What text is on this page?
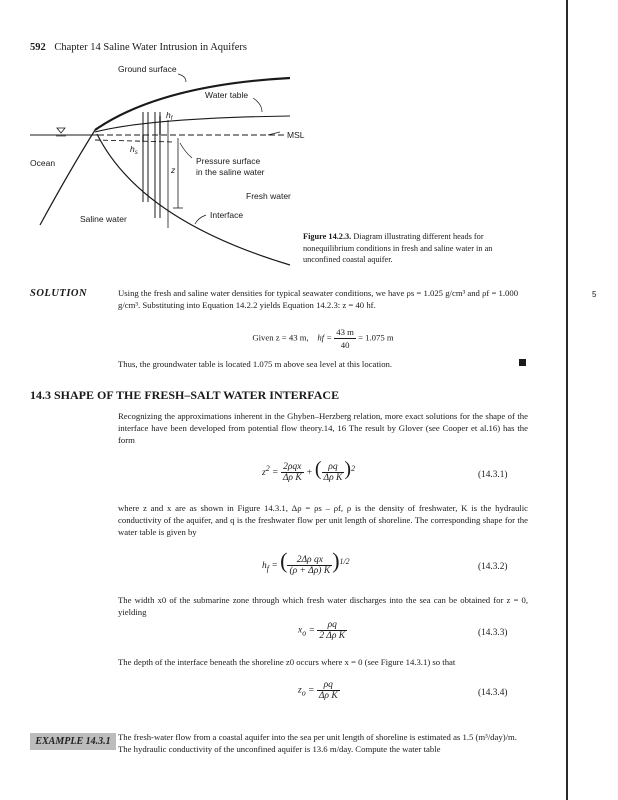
592 Chapter 14 Saline Water Intrusion in Aquifers
Ground surface
Water table
$h_f$
MSL
$h_s$
Ocean
z
Pressure surface
in the saline water
Fresh water
Interface
Saline water
Figure 14.2.3. Diagram illustrating different heads for nonequilibrium conditions in fresh and saline water in an unconfined coastal aquifer.
SOLUTION	Using the fresh and saline water densities for typical seawater conditions, we have ρs = 1.025 g/cm³ and ρf = 1.000 g/cm³. Substituting into Equation 14.2.2 yields Equation 14.2.3: z = 40 hf.
Given z = 43 m, hf = $\frac{43 m}{40} = 1.075$ m
Thus, the groundwater table is located 1.075 m above sea level at this location.
14.3 SHAPE OF THE FRESH–SALT WATER INTERFACE
Recognizing the approximations inherent in the Ghyben–Herzberg relation, more exact solutions for the shape of the interface have been developed from potential flow theory.14, 16 The result by Glover (see Cooper et al.16) has the form
$z^2 = \frac{\text{2ρqx}}{\text{Δρ K}}$ + ( $\frac{\rho q}{\text{Δρ K}} )^2$
(14.3.1)
where z and x are as shown in Figure 14.3.1, Δρ = ρs – ρf, ρ is the density of freshwater, K is the hydraulic conductivity of the aquifer, and q is the freshwater flow per unit length of shoreline. The corresponding shape for the water table is given by
$h_f$ = ( $\frac{\text{2Δρ qx}}{(\rho + \Delta\rho) K} )^{1/2}$
(14.3.2)
The width x0 of the submarine zone through which fresh water discharges into the sea can be obtained for z = 0, yielding
$x_o = \frac{\rho q}{\text{2 Δρ K}}$	(14.3.3)
The depth of the interface beneath the shoreline z0 occurs where x = 0 (see Figure 14.3.1) so that
$z_o = \frac{\rho q}{\text{Δρ K}}$	(14.3.4)
EXAMPLE 14.3.1 The fresh-water flow from a coastal aquifer into the sea per unit length of shoreline is estimated as 1.5 (m³/day)/m. The hydraulic conductivity of the unconfined aquifer is 13.6 m/day. Compute the water table
5
